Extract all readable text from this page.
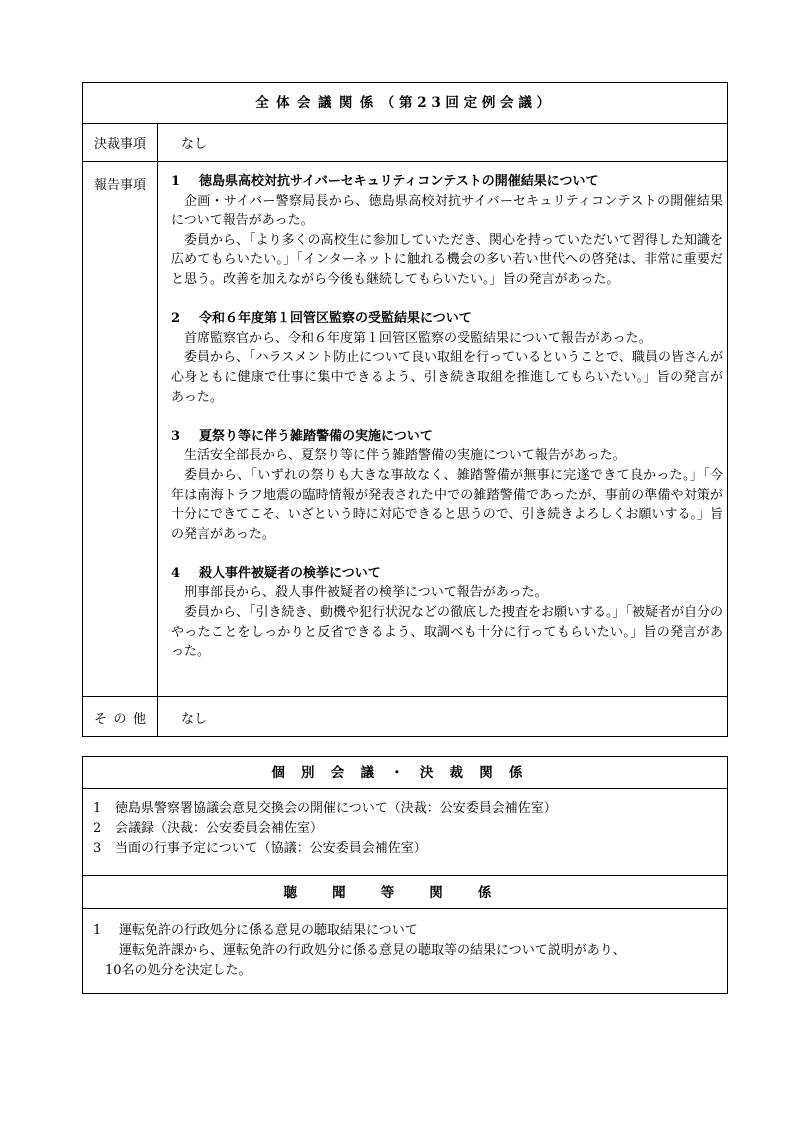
全体会議関係（第23回定例会議）
決裁事項	なし
報告事項	1 徳島県高校対抗サイバーセキュリティコンテストの開催結果について

企画・サイバー警察局長から、徳島県高校対抗サイバーセキュリティコンテストの開催結果について報告があった。

委員から、「より多くの高校生に参加していただき、関心を持っていただいて習得した知識を広めてもらいたい。」「インターネットに触れる機会の多い若い世代への啓発は、非常に重要だと思う。改善を加えながら今後も継続してもらいたい。」旨の発言があった。

2 令和６年度第１回管区監察の受監結果について

首席監察官から、令和６年度第１回管区監察の受監結果について報告があった。

委員から、「ハラスメント防止について良い取組を行っているということで、職員の皆さんが心身ともに健康で仕事に集中できるよう、引き続き取組を推進してもらいたい。」旨の発言があった。

3 夏祭り等に伴う雑踏警備の実施について

生活安全部長から、夏祭り等に伴う雑踏警備の実施について報告があった。

委員から、「いずれの祭りも大きな事故なく、雑踏警備が無事に完遂できて良かった。」「今年は南海トラフ地震の臨時情報が発表された中での雑踏警備であったが、事前の準備や対策が十分にできてこそ、いざという時に対応できると思うので、引き続きよろしくお願いする。」旨の発言があった。

4 殺人事件被疑者の検挙について

刑事部長から、殺人事件被疑者の検挙について報告があった。

委員から、「引き続き、動機や犯行状況などの徹底した捜査をお願いする。」「被疑者が自分のやったことをしっかりと反省できるよう、取調べも十分に行ってもらいたい。」旨の発言があった。

その他	なし
個別会議・決裁関係

1 徳島県警察署協議会意見交換会の開催について（決裁：公安委員会補佐室）

2 会議録（決裁：公安委員会補佐室）

3 当面の行事予定について（協議：公安委員会補佐室）

聴聞等関係

1 運転免許の行政処分に係る意見の聴取結果について

運転免許課から、運転免許の行政処分に係る意見の聴取等の結果について説明があり、

10名の処分を決定した。
